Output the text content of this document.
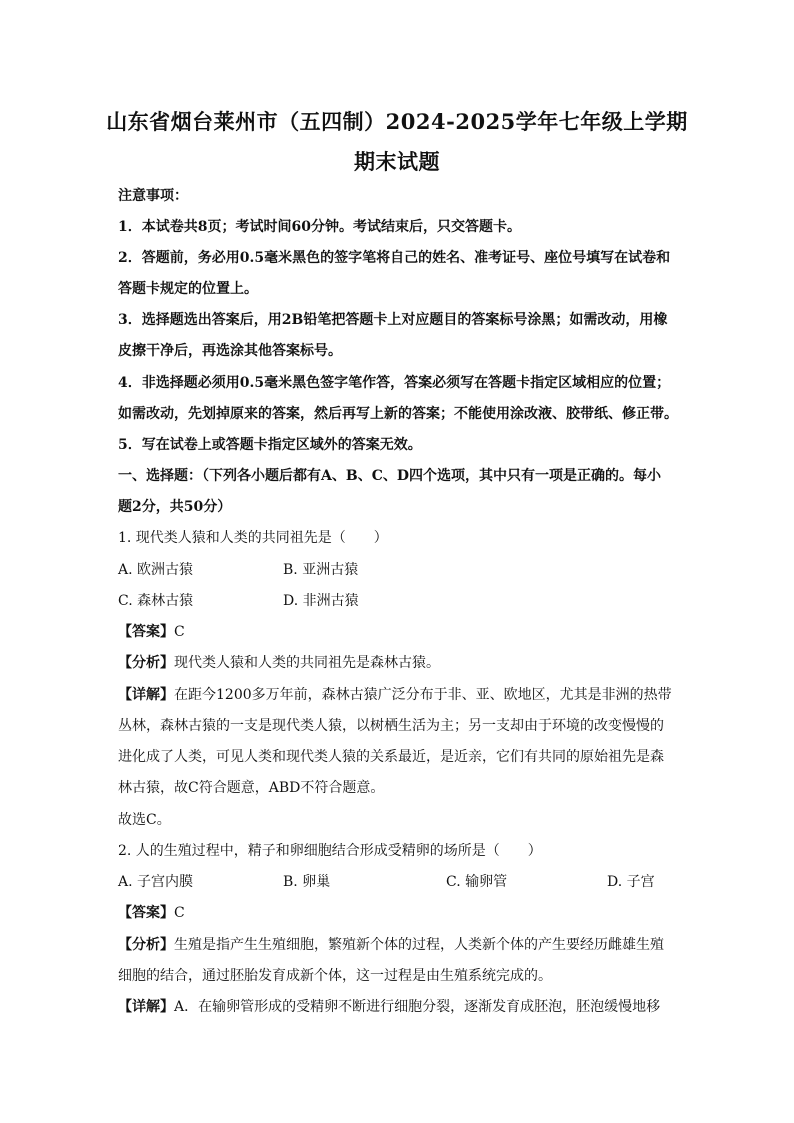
山东省烟台莱州市（五四制）2024-2025学年七年级上学期
期末试题
注意事项：
1．本试卷共8页；考试时间60分钟。考试结束后，只交答题卡。
2．答题前，务必用0.5毫米黑色的签字笔将自己的姓名、准考证号、座位号填写在试卷和
答题卡规定的位置上。
3．选择题选出答案后，用2B铅笔把答题卡上对应题目的答案标号涂黑；如需改动，用橡
皮擦干净后，再选涂其他答案标号。
4．非选择题必须用0.5毫米黑色签字笔作答，答案必须写在答题卡指定区域相应的位置；
如需改动，先划掉原来的答案，然后再写上新的答案；不能使用涂改液、胶带纸、修正带。
5．写在试卷上或答题卡指定区域外的答案无效。
一、选择题：（下列各小题后都有A、B、C、D四个选项，其中只有一项是正确的。每小
题2分，共50分）
1. 现代类人猿和人类的共同祖先是（　　）
A. 欧洲古猿	B. 亚洲古猿
C. 森林古猿	D. 非洲古猿
【答案】C
【分析】现代类人猿和人类的共同祖先是森林古猿。
【详解】在距今1200多万年前，森林古猿广泛分布于非、亚、欧地区，尤其是非洲的热带
丛林，森林古猿的一支是现代类人猿，以树栖生活为主；另一支却由于环境的改变慢慢的
进化成了人类，可见人类和现代类人猿的关系最近，是近亲，它们有共同的原始祖先是森
林古猿，故C符合题意，ABD不符合题意。
故选C。
2. 人的生殖过程中，精子和卵细胞结合形成受精卵的场所是（　　）
A. 子宫内膜	B. 卵巢	C. 输卵管	D. 子宫
【答案】C
【分析】生殖是指产生生殖细胞，繁殖新个体的过程，人类新个体的产生要经历雌雄生殖
细胞的结合，通过胚胎发育成新个体，这一过程是由生殖系统完成的。
【详解】A．在输卵管形成的受精卵不断进行细胞分裂，逐渐发育成胚泡，胚泡缓慢地移
